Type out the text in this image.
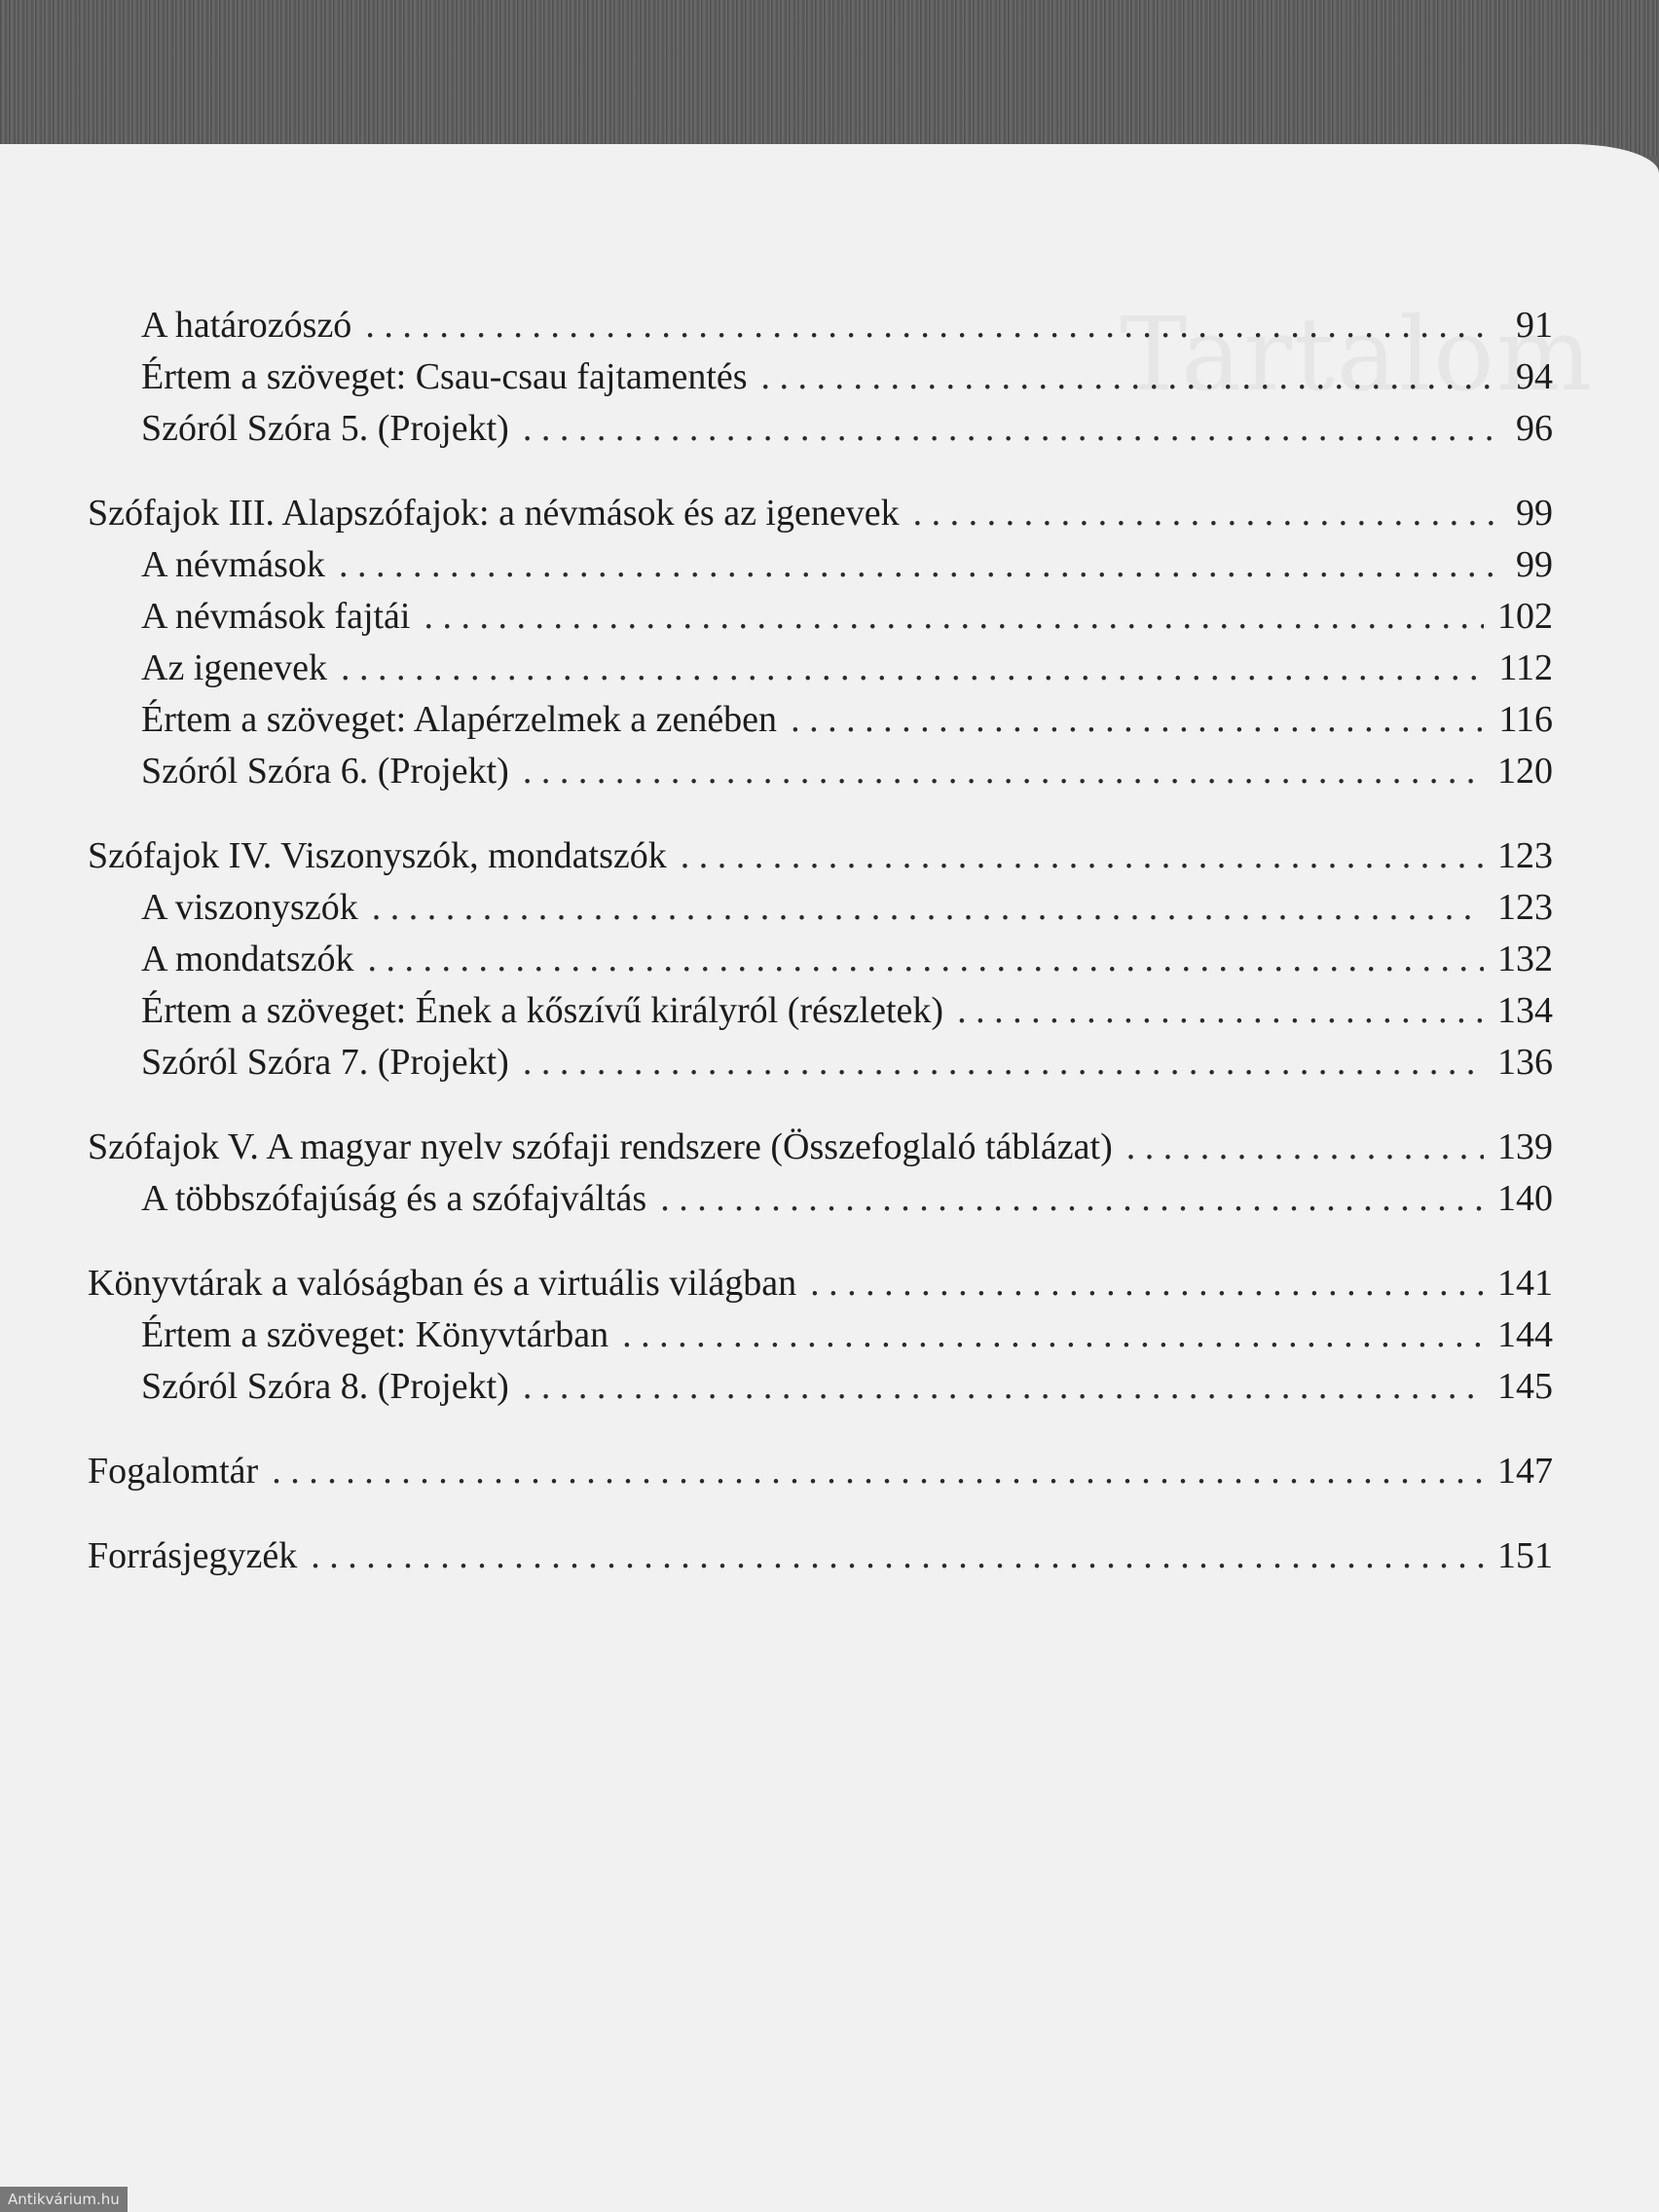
A határozószó . . .	91
Értem a szöveget: Csau-csau fajtamentés . . .	94
Szóról Szóra 5. (Projekt) . . .	96
Szófajok III. Alapszófajok: a névmások és az igenevek . . .	99
A névmások . . .	99
A névmások fajtái . . .	102
Az igenevek . . .	112
Értem a szöveget: Alapérzelmek a zenében . . .	116
Szóról Szóra 6. (Projekt) . . .	120
Szófajok IV. Viszonyszók, mondatszók . . .	123
A viszonyszók . . .	123
A mondatszók . . .	132
Értem a szöveget: Ének a kőszívű királyról (részletek) . . .	134
Szóról Szóra 7. (Projekt) . . .	136
Szófajok V. A magyar nyelv szófaji rendszere (Összefoglaló táblázat) . . .	139
A többszófajúság és a szófajváltás . . .	140
Könyvtárak a valóságban és a virtuális világban . . .	141
Értem a szöveget: Könyvtárban . . .	144
Szóról Szóra 8. (Projekt) . . .	145
Fogalomtár . . .	147
Forrásjegyzék . . .	151
Antikvárium.hu
